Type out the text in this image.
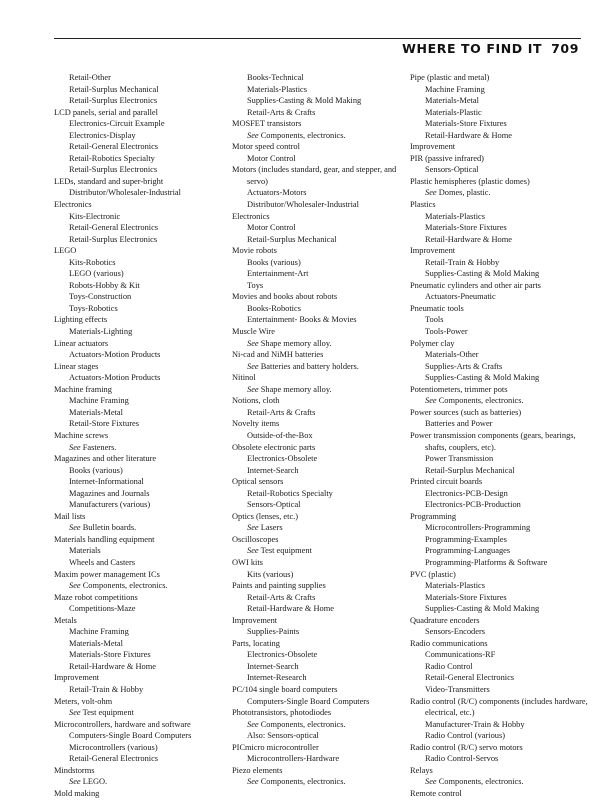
WHERE TO FIND IT 709
Retail-Other
Retail-Surplus Mechanical
Retail-Surplus Electronics
LCD panels, serial and parallel
Electronics-Circuit Example
Electronics-Display
Retail-General Electronics
Retail-Robotics Specialty
Retail-Surplus Electronics
LEDs, standard and super-bright
Distributor/Wholesaler-Industrial
Electronics
Kits-Electronic
Retail-General Electronics
Retail-Surplus Electronics
LEGO
Kits-Robotics
LEGO (various)
Robots-Hobby & Kit
Toys-Construction
Toys-Robotics
Lighting effects
Materials-Lighting
Linear actuators
Actuators-Motion Products
Linear stages
Actuators-Motion Products
Machine framing
Machine Framing
Materials-Metal
Retail-Store Fixtures
Machine screws
See Fasteners.
Magazines and other literature
Books (various)
Internet-Informational
Magazines and Journals
Manufacturers (various)
Mail lists
See Bulletin boards.
Materials handling equipment
Materials
Wheels and Casters
Maxim power management ICs
See Components, electronics.
Maze robot competitions
Competitions-Maze
Metals
Machine Framing
Materials-Metal
Materials-Store Fixtures
Retail-Hardware & Home
Improvement
Retail-Train & Hobby
Meters, volt-ohm
See Test equipment
Microcontrollers, hardware and software
Computers-Single Board Computers
Microcontrollers (various)
Retail-General Electronics
Mindstorms
See LEGO.
Mold making
Books-Technical
Materials-Plastics
Supplies-Casting & Mold Making
Retail-Arts & Crafts
MOSFET transistors
See Components, electronics.
Motor speed control
Motor Control
Motors (includes standard, gear, and stepper, and servo)
Actuators-Motors
Distributor/Wholesaler-Industrial
Electronics
Motor Control
Retail-Surplus Mechanical
Movie robots
Books (various)
Entertainment-Art
Toys
Movies and books about robots
Books-Robotics
Entertainment- Books & Movies
Muscle Wire
See Shape memory alloy.
Ni-cad and NiMH batteries
See Batteries and battery holders.
Nitinol
See Shape memory alloy.
Notions, cloth
Retail-Arts & Crafts
Novelty items
Outside-of-the-Box
Obsolete electronic parts
Electronics-Obsolete
Internet-Search
Optical sensors
Retail-Robotics Specialty
Sensors-Optical
Optics (lenses, etc.)
See Lasers
Oscilloscopes
See Test equipment
OWI kits
Kits (various)
Paints and painting supplies
Retail-Arts & Crafts
Retail-Hardware & Home
Improvement
Supplies-Paints
Parts, locating
Electronics-Obsolete
Internet-Search
Internet-Research
PC/104 single board computers
Computers-Single Board Computers
Phototransistors, photodiodes
See Components, electronics.
Also: Sensors-optical
PICmicro microcontroller
Microcontrollers-Hardware
Piezo elements
See Components, electronics.
Pipe (plastic and metal)
Machine Framing
Materials-Metal
Materials-Plastic
Materials-Store Fixtures
Retail-Hardware & Home
Improvement
PIR (passive infrared)
Sensors-Optical
Plastic hemispheres (plastic domes)
See Domes, plastic.
Plastics
Materials-Plastics
Materials-Store Fixtures
Retail-Hardware & Home
Improvement
Retail-Train & Hobby
Supplies-Casting & Mold Making
Pneumatic cylinders and other air parts
Actuators-Pneumatic
Pneumatic tools
Tools
Tools-Power
Polymer clay
Materials-Other
Supplies-Arts & Crafts
Supplies-Casting & Mold Making
Potentiometers, trimmer pots
See Components, electronics.
Power sources (such as batteries)
Batteries and Power
Power transmission components (gears, bearings, shafts, couplers, etc).
Power Transmission
Retail-Surplus Mechanical
Printed circuit boards
Electronics-PCB-Design
Electronics-PCB-Production
Programming
Microcontrollers-Programming
Programming-Examples
Programming-Languages
Programming-Platforms & Software
PVC (plastic)
Materials-Plastics
Materials-Store Fixtures
Supplies-Casting & Mold Making
Quadrature encoders
Sensors-Encoders
Radio communications
Communications-RF
Radio Control
Retail-General Electronics
Video-Transmitters
Radio control (R/C) components (includes hardware, electrical, etc.)
Manufacturer-Train & Hobby
Radio Control (various)
Radio control (R/C) servo motors
Radio Control-Servos
Relays
See Components, electronics.
Remote control
